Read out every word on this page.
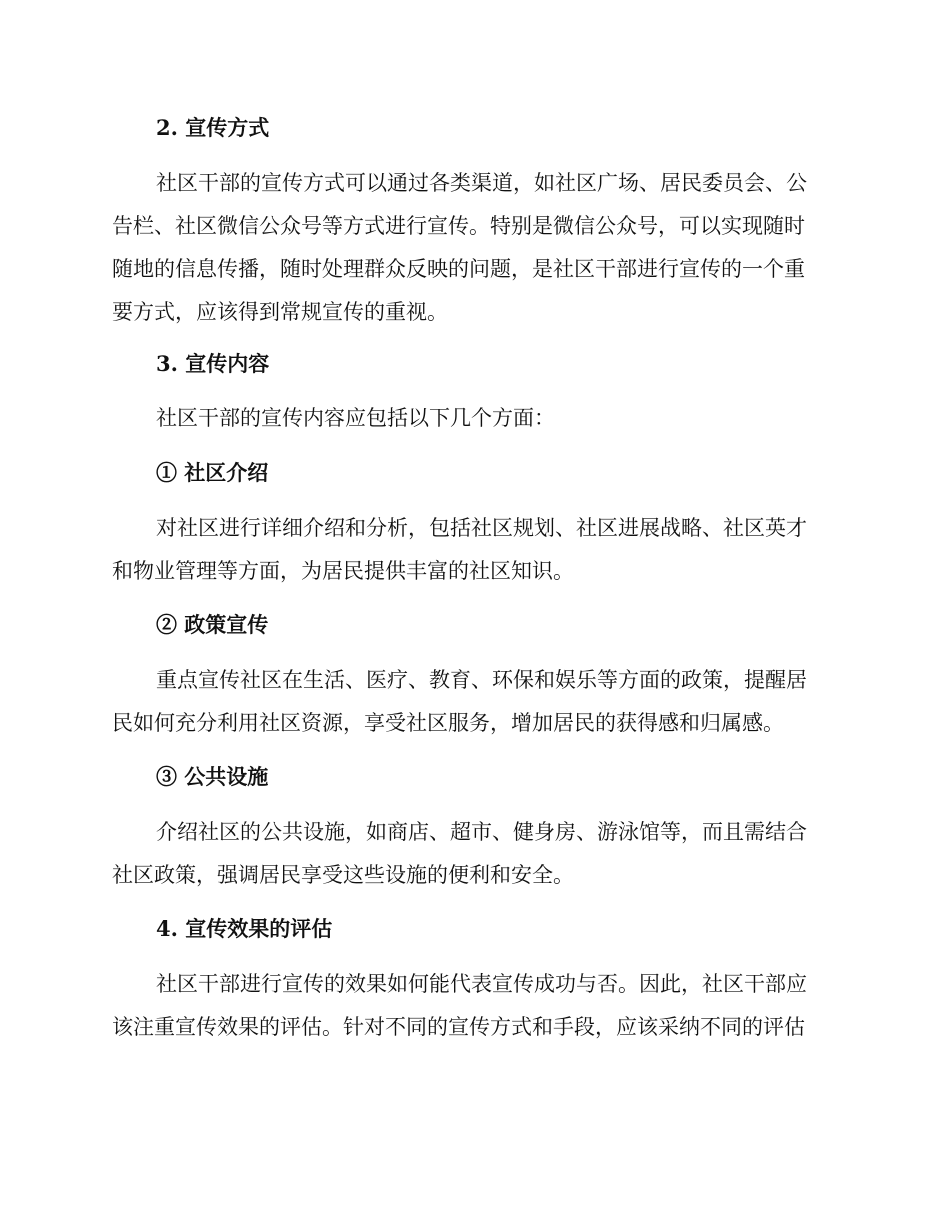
2. 宣传方式
社区干部的宣传方式可以通过各类渠道，如社区广场、居民委员会、公
告栏、社区微信公众号等方式进行宣传。特别是微信公众号，可以实现随时
随地的信息传播，随时处理群众反映的问题，是社区干部进行宣传的一个重
要方式，应该得到常规宣传的重视。
3. 宣传内容
社区干部的宣传内容应包括以下几个方面：
① 社区介绍
对社区进行详细介绍和分析，包括社区规划、社区进展战略、社区英才
和物业管理等方面，为居民提供丰富的社区知识。
② 政策宣传
重点宣传社区在生活、医疗、教育、环保和娱乐等方面的政策，提醒居
民如何充分利用社区资源，享受社区服务，增加居民的获得感和归属感。
③ 公共设施
介绍社区的公共设施，如商店、超市、健身房、游泳馆等，而且需结合
社区政策，强调居民享受这些设施的便利和安全。
4. 宣传效果的评估
社区干部进行宣传的效果如何能代表宣传成功与否。因此，社区干部应
该注重宣传效果的评估。针对不同的宣传方式和手段，应该采纳不同的评估
